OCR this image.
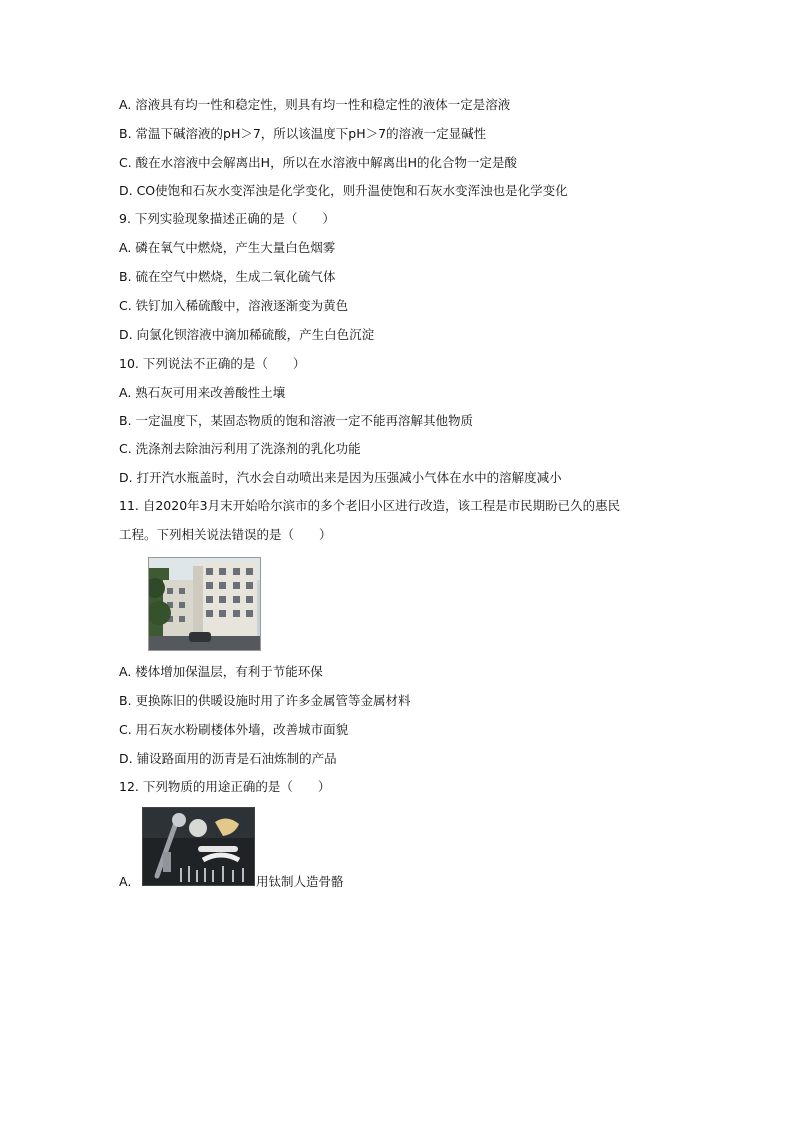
A. 溶液具有均一性和稳定性，则具有均一性和稳定性的液体一定是溶液
B. 常温下碱溶液的pH＞7，所以该温度下pH＞7的溶液一定显碱性
C. 酸在水溶液中会解离出H，所以在水溶液中解离出H的化合物一定是酸
D. CO使饱和石灰水变浑浊是化学变化，则升温使饱和石灰水变浑浊也是化学变化
9. 下列实验现象描述正确的是（　　）
A. 磷在氧气中燃烧，产生大量白色烟雾
B. 硫在空气中燃烧，生成二氧化硫气体
C. 铁钉加入稀硫酸中，溶液逐渐变为黄色
D. 向氯化钡溶液中滴加稀硫酸，产生白色沉淀
10. 下列说法不正确的是（　　）
A. 熟石灰可用来改善酸性土壤
B. 一定温度下，某固态物质的饱和溶液一定不能再溶解其他物质
C. 洗涤剂去除油污利用了洗涤剂的乳化功能
D. 打开汽水瓶盖时，汽水会自动喷出来是因为压强减小气体在水中的溶解度减小
11. 自2020年3月末开始哈尔滨市的多个老旧小区进行改造，该工程是市民期盼已久的惠民
工程。下列相关说法错误的是（　　）
A. 楼体增加保温层，有利于节能环保
B. 更换陈旧的供暖设施时用了许多金属管等金属材料
C. 用石灰水粉刷楼体外墙，改善城市面貌
D. 铺设路面用的沥青是石油炼制的产品
12. 下列物质的用途正确的是（　　）
A.	用钛制人造骨骼
